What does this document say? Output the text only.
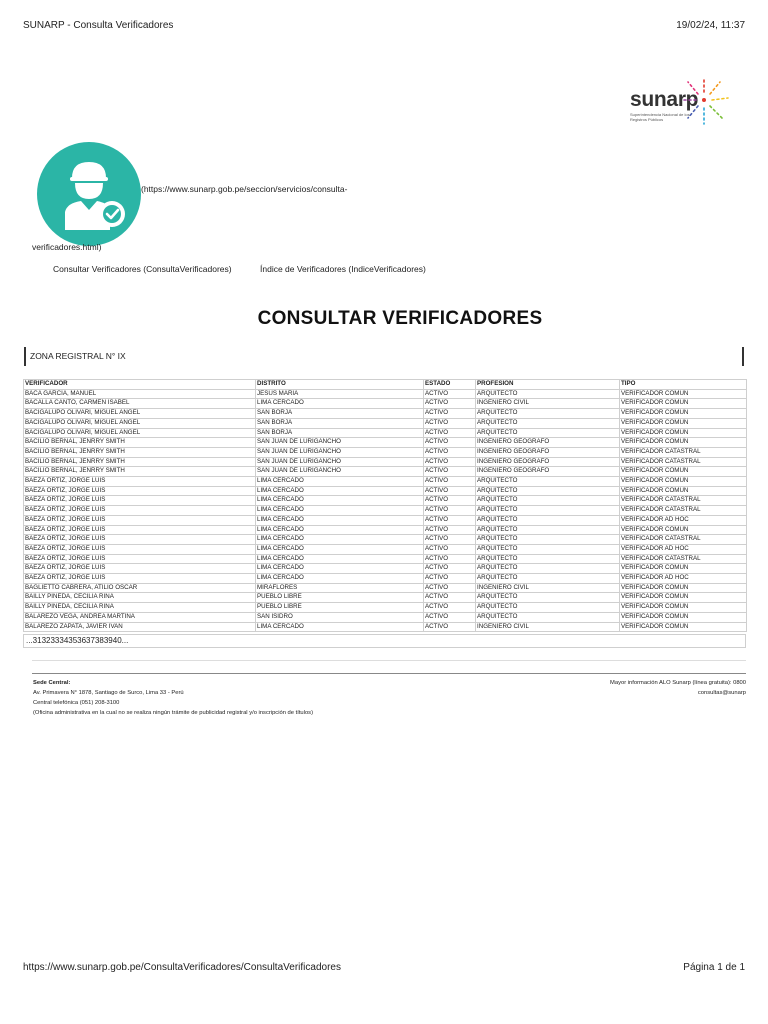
SUNARP - Consulta Verificadores	19/02/24, 11:37
sunarp
Superintendencia Nacional de los Registros Públicos
(https://www.sunarp.gob.pe/seccion/servicios/consulta-
verificadores.html)
Consultar Verificadores (ConsultaVerificadores)	Índice de Verificadores (IndiceVerificadores)
CONSULTAR VERIFICADORES
ZONA REGISTRAL N° IX
VERIFICADOR	DISTRITO	ESTADO	PROFESIÓN	TIPO
BACA GARCIA, MANUEL	JESUS MARIA	ACTIVO	ARQUITECTO	VERIFICADOR COMUN
BACALLA CANTO, CARMEN ISABEL	LIMA CERCADO	ACTIVO	INGENIERO CIVIL	VERIFICADOR COMUN
BACIGALUPO OLIVARI, MIGUEL ANGEL	SAN BORJA	ACTIVO	ARQUITECTO	VERIFICADOR COMUN
BACIGALUPO OLIVARI, MIGUEL ANGEL	SAN BORJA	ACTIVO	ARQUITECTO	VERIFICADOR COMUN
BACIGALUPO OLIVARI, MIGUEL ANGEL	SAN BORJA	ACTIVO	ARQUITECTO	VERIFICADOR COMUN
BACILIO BERNAL, JENRRY SMITH	SAN JUAN DE LURIGANCHO	ACTIVO	INGENIERO GEOGRAFO	VERIFICADOR COMUN
BACILIO BERNAL, JENRRY SMITH	SAN JUAN DE LURIGANCHO	ACTIVO	INGENIERO GEOGRAFO	VERIFICADOR CATASTRAL
BACILIO BERNAL, JENRRY SMITH	SAN JUAN DE LURIGANCHO	ACTIVO	INGENIERO GEOGRAFO	VERIFICADOR CATASTRAL
BACILIO BERNAL, JENRRY SMITH	SAN JUAN DE LURIGANCHO	ACTIVO	INGENIERO GEOGRAFO	VERIFICADOR COMUN
BAEZA ORTIZ, JORGE LUIS	LIMA CERCADO	ACTIVO	ARQUITECTO	VERIFICADOR COMUN
BAEZA ORTIZ, JORGE LUIS	LIMA CERCADO	ACTIVO	ARQUITECTO	VERIFICADOR COMUN
BAEZA ORTIZ, JORGE LUIS	LIMA CERCADO	ACTIVO	ARQUITECTO	VERIFICADOR CATASTRAL
BAEZA ORTIZ, JORGE LUIS	LIMA CERCADO	ACTIVO	ARQUITECTO	VERIFICADOR CATASTRAL
BAEZA ORTIZ, JORGE LUIS	LIMA CERCADO	ACTIVO	ARQUITECTO	VERIFICADOR AD HOC
BAEZA ORTIZ, JORGE LUIS	LIMA CERCADO	ACTIVO	ARQUITECTO	VERIFICADOR COMUN
BAEZA ORTIZ, JORGE LUIS	LIMA CERCADO	ACTIVO	ARQUITECTO	VERIFICADOR CATASTRAL
BAEZA ORTIZ, JORGE LUIS	LIMA CERCADO	ACTIVO	ARQUITECTO	VERIFICADOR AD HOC
BAEZA ORTIZ, JORGE LUIS	LIMA CERCADO	ACTIVO	ARQUITECTO	VERIFICADOR CATASTRAL
BAEZA ORTIZ, JORGE LUIS	LIMA CERCADO	ACTIVO	ARQUITECTO	VERIFICADOR COMUN
BAEZA ORTIZ, JORGE LUIS	LIMA CERCADO	ACTIVO	ARQUITECTO	VERIFICADOR AD HOC
BAGLIETTO CABRERA, ATILIO OSCAR	MIRAFLORES	ACTIVO	INGENIERO CIVIL	VERIFICADOR COMUN
BAILLY PINEDA, CECILIA RINA	PUEBLO LIBRE	ACTIVO	ARQUITECTO	VERIFICADOR COMUN
BAILLY PINEDA, CECILIA RINA	PUEBLO LIBRE	ACTIVO	ARQUITECTO	VERIFICADOR COMUN
BALAREZO VEGA, ANDREA MARTINA	SAN ISIDRO	ACTIVO	ARQUITECTO	VERIFICADOR COMUN
BALAREZO ZAPATA, JAVIER IVAN	LIMA CERCADO	ACTIVO	INGENIERO CIVIL	VERIFICADOR COMUN
...31323334353637383940...
Sede Central:
Av. Primavera N° 1878, Santiago de Surco, Lima 33 - Perú
Central telefónica (051) 208-3100
(Oficina administrativa en la cual no se realiza ningún trámite de publicidad registral y/o inscripción de títulos)
Mayor información ALO Sunarp (línea gratuita): 0800
consultas@sunarp
https://www.sunarp.gob.pe/ConsultaVerificadores/ConsultaVerificadores	Página 1 de 1
